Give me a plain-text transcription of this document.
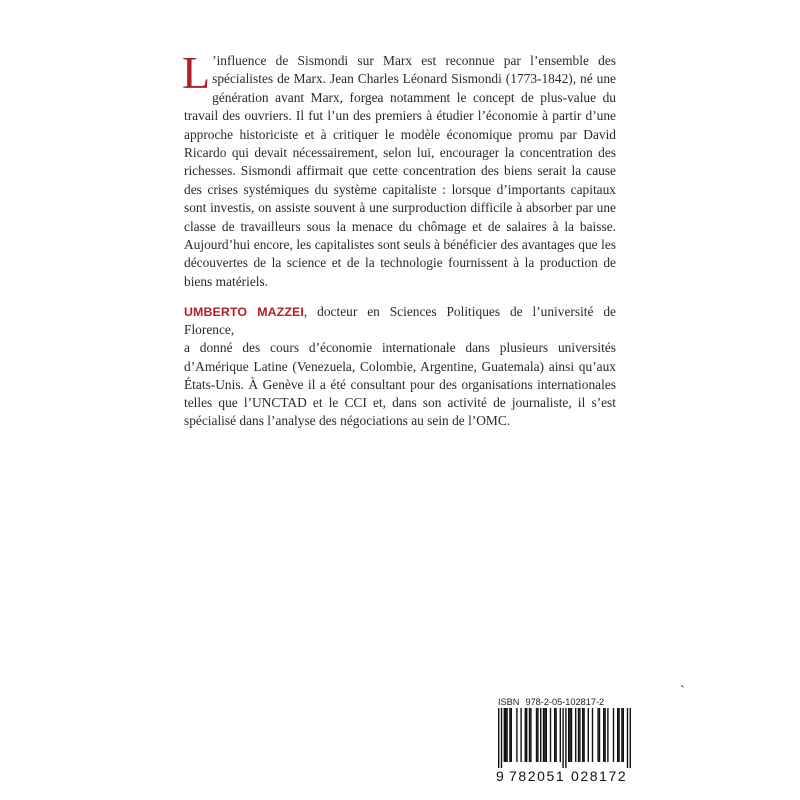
L ’influence de Sismondi sur Marx est reconnue par l’ensemble des spécialistes de Marx. Jean Charles Léonard Sismondi (1773-1842), né une génération avant Marx, forgea notamment le concept de plus-value du travail des ouvriers. Il fut l’un des premiers à étudier l’économie à partir d’une approche historiciste et à critiquer le modèle économique promu par David Ricardo qui devait nécessairement, selon lui, encourager la concentration des richesses. Sismondi affirmait que cette concentration des biens serait la cause des crises systémiques du système capitaliste : lorsque d’importants capitaux sont investis, on assiste souvent à une surproduction difficile à absorber par une classe de travailleurs sous la menace du chômage et de salaires à la baisse. Aujourd’hui encore, les capitalistes sont seuls à bénéficier des avantages que les découvertes de la science et de la technologie fournissent à la production de biens matériels.

UMBERTO MAZZEI, docteur en Sciences Politiques de l’université de Florence,
a donné des cours d’économie internationale dans plusieurs universités d’Amérique Latine (Venezuela, Colombie, Argentine, Guatemala) ainsi qu’aux États-Unis. À Genève il a été consultant pour des organisations internationales telles que l’UNCTAD et le CCI et, dans son activité de journaliste, il s’est spécialisé dans l’analyse des négociations au sein de l’OMC.

ISBN 978-2-05-102817-2
9 782051 028172
`
